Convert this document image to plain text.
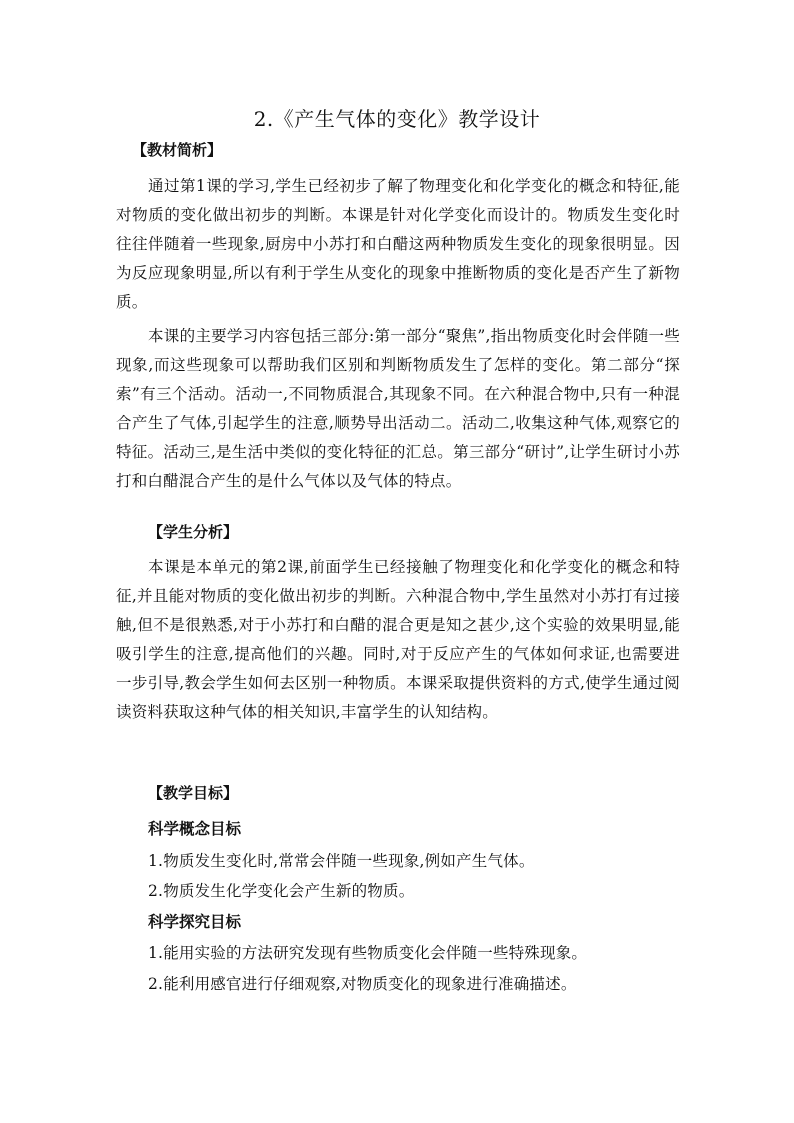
2.《产生气体的变化》教学设计
【教材简析】

通过第1课的学习,学生已经初步了解了物理变化和化学变化的概念和特征,能对物质的变化做出初步的判断。本课是针对化学变化而设计的。物质发生变化时往往伴随着一些现象,厨房中小苏打和白醋这两种物质发生变化的现象很明显。因为反应现象明显,所以有利于学生从变化的现象中推断物质的变化是否产生了新物质。

本课的主要学习内容包括三部分:第一部分“聚焦”,指出物质变化时会伴随一些现象,而这些现象可以帮助我们区别和判断物质发生了怎样的变化。第二部分“探索”有三个活动。活动一,不同物质混合,其现象不同。在六种混合物中,只有一种混合产生了气体,引起学生的注意,顺势导出活动二。活动二,收集这种气体,观察它的特征。活动三,是生活中类似的变化特征的汇总。第三部分“研讨”,让学生研讨小苏打和白醋混合产生的是什么气体以及气体的特点。

【学生分析】

本课是本单元的第2课,前面学生已经接触了物理变化和化学变化的概念和特征,并且能对物质的变化做出初步的判断。六种混合物中,学生虽然对小苏打有过接触,但不是很熟悉,对于小苏打和白醋的混合更是知之甚少,这个实验的效果明显,能吸引学生的注意,提高他们的兴趣。同时,对于反应产生的气体如何求证,也需要进一步引导,教会学生如何去区别一种物质。本课采取提供资料的方式,使学生通过阅读资料获取这种气体的相关知识,丰富学生的认知结构。

【教学目标】
科学概念目标
1.物质发生变化时,常常会伴随一些现象,例如产生气体。
2.物质发生化学变化会产生新的物质。
科学探究目标
1.能用实验的方法研究发现有些物质变化会伴随一些特殊现象。
2.能利用感官进行仔细观察,对物质变化的现象进行准确描述。
